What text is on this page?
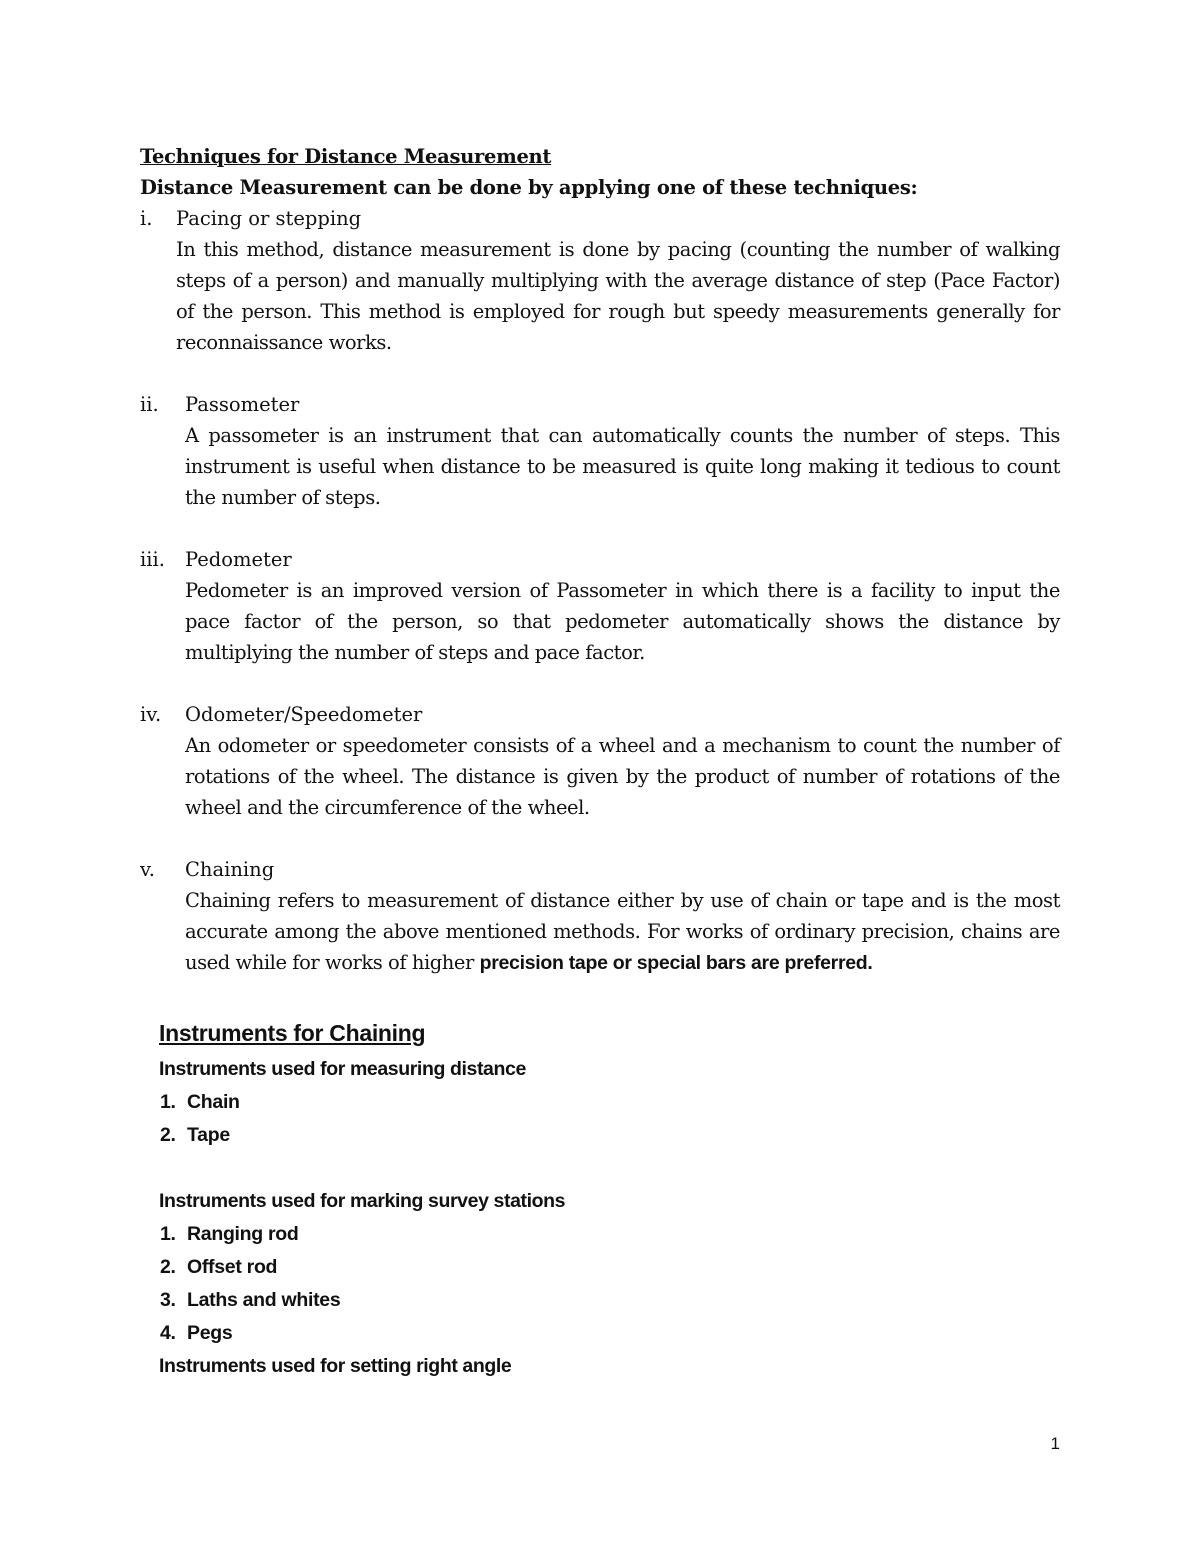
Techniques for Distance Measurement
Distance Measurement can be done by applying one of these techniques:
i. Pacing or stepping
In this method, distance measurement is done by pacing (counting the number of walking steps of a person) and manually multiplying with the average distance of step (Pace Factor) of the person. This method is employed for rough but speedy measurements generally for reconnaissance works.
ii. Passometer
A passometer is an instrument that can automatically counts the number of steps. This instrument is useful when distance to be measured is quite long making it tedious to count the number of steps.
iii. Pedometer
Pedometer is an improved version of Passometer in which there is a facility to input the pace factor of the person, so that pedometer automatically shows the distance by multiplying the number of steps and pace factor.
iv. Odometer/Speedometer
An odometer or speedometer consists of a wheel and a mechanism to count the number of rotations of the wheel. The distance is given by the product of number of rotations of the wheel and the circumference of the wheel.
v. Chaining
Chaining refers to measurement of distance either by use of chain or tape and is the most accurate among the above mentioned methods. For works of ordinary precision, chains are used while for works of higher precision tape or special bars are preferred.
Instruments for Chaining
Instruments used for measuring distance
1. Chain
2. Tape
Instruments used for marking survey stations
1. Ranging rod
2. Offset rod
3. Laths and whites
4. Pegs
Instruments used for setting right angle
1
